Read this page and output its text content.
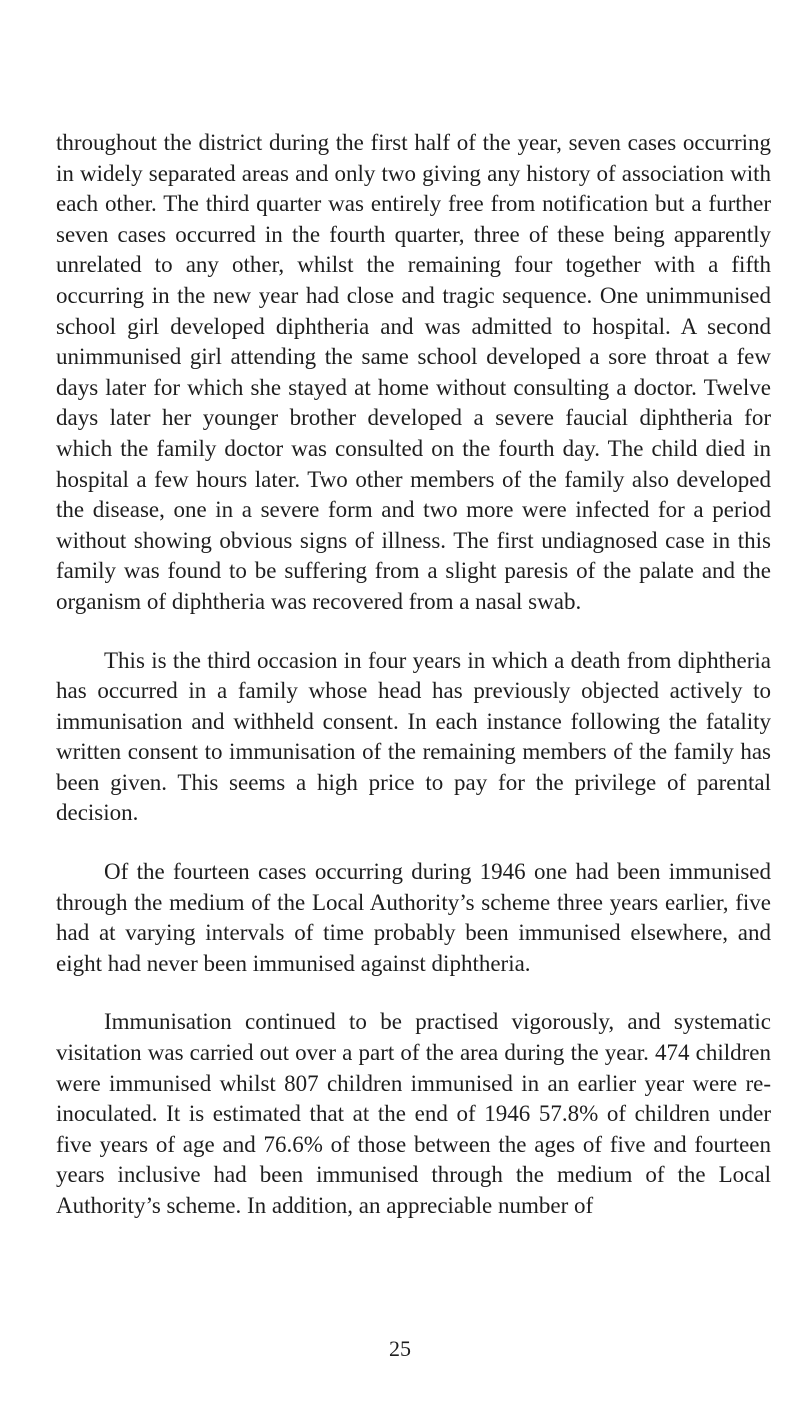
throughout the district during the first half of the year, seven cases occurring in widely separated areas and only two giving any history of association with each other. The third quarter was entirely free from notification but a further seven cases occurred in the fourth quarter, three of these being apparently unrelated to any other, whilst the remaining four together with a fifth occurring in the new year had close and tragic sequence. One unimmunised school girl developed diphtheria and was admitted to hospital. A second unimmunised girl attending the same school developed a sore throat a few days later for which she stayed at home without consulting a doctor. Twelve days later her younger brother developed a severe faucial diphtheria for which the family doctor was consulted on the fourth day. The child died in hospital a few hours later. Two other members of the family also developed the disease, one in a severe form and two more were infected for a period without showing obvious signs of illness. The first undiagnosed case in this family was found to be suffering from a slight paresis of the palate and the organism of diphtheria was recovered from a nasal swab.

This is the third occasion in four years in which a death from diphtheria has occurred in a family whose head has previously objected actively to immunisation and withheld consent. In each instance following the fatality written consent to immunisation of the remaining members of the family has been given. This seems a high price to pay for the privilege of parental decision.

Of the fourteen cases occurring during 1946 one had been immunised through the medium of the Local Authority’s scheme three years earlier, five had at varying intervals of time probably been immunised elsewhere, and eight had never been immunised against diphtheria.

Immunisation continued to be practised vigorously, and systematic visitation was carried out over a part of the area during the year. 474 children were immunised whilst 807 children immunised in an earlier year were re-inoculated. It is estimated that at the end of 1946 57.8% of children under five years of age and 76.6% of those between the ages of five and fourteen years inclusive had been immunised through the medium of the Local Authority’s scheme. In addition, an appreciable number of

25
